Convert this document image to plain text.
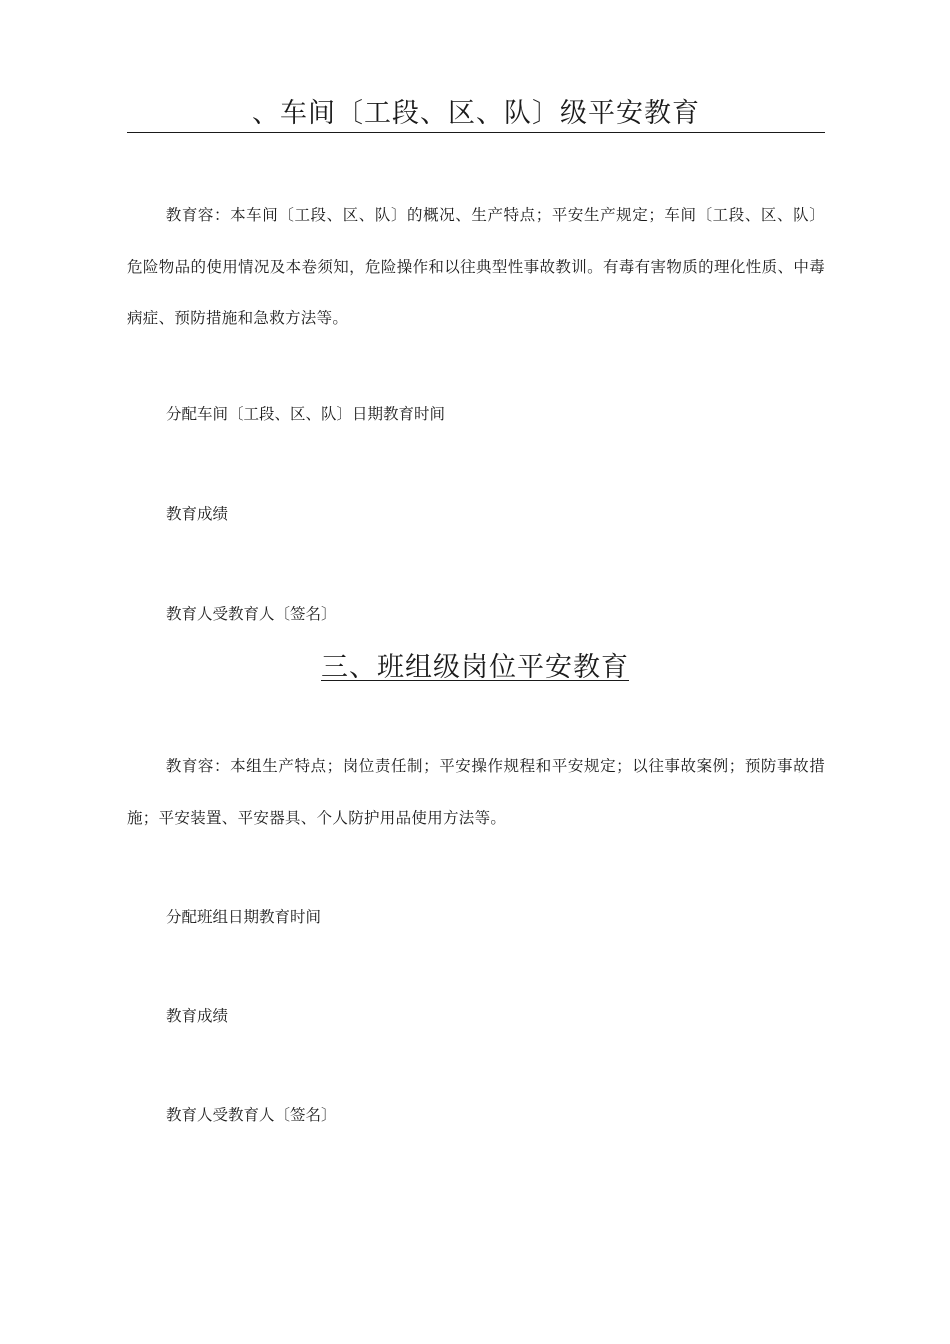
、车间〔工段、区、队〕级平安教育
教育容：本车间〔工段、区、队〕的概况、生产特点；平安生产规定；车间〔工段、区、队〕危险物品的使用情况及本卷须知，危险操作和以往典型性事故教训。有毒有害物质的理化性质、中毒病症、预防措施和急救方法等。
分配车间〔工段、区、队〕日期教育时间
教育成绩
教育人受教育人〔签名〕
三、班组级岗位平安教育
教育容：本组生产特点；岗位责任制；平安操作规程和平安规定；以往事故案例；预防事故措施；平安装置、平安器具、个人防护用品使用方法等。
分配班组日期教育时间
教育成绩
教育人受教育人〔签名〕
